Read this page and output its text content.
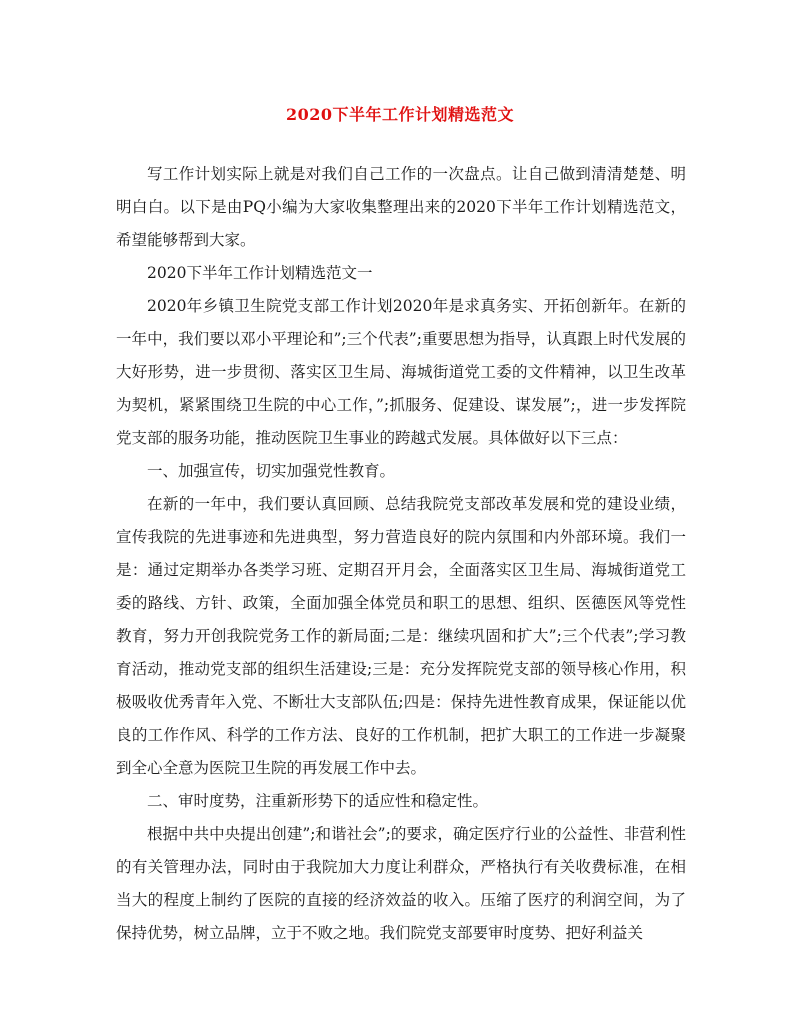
2020下半年工作计划精选范文

写工作计划实际上就是对我们自己工作的一次盘点。让自己做到清清楚楚、明明白白。以下是由PQ小编为大家收集整理出来的2020下半年工作计划精选范文，希望能够帮到大家。

2020下半年工作计划精选范文一

2020年乡镇卫生院党支部工作计划2020年是求真务实、开拓创新年。在新的一年中，我们要以邓小平理论和”;三个代表”;重要思想为指导，认真跟上时代发展的大好形势，进一步贯彻、落实区卫生局、海城街道党工委的文件精神，以卫生改革为契机，紧紧围绕卫生院的中心工作，”;抓服务、促建设、谋发展”;，进一步发挥院党支部的服务功能，推动医院卫生事业的跨越式发展。具体做好以下三点：

一、加强宣传，切实加强党性教育。

在新的一年中，我们要认真回顾、总结我院党支部改革发展和党的建设业绩，宣传我院的先进事迹和先进典型，努力营造良好的院内氛围和内外部环境。我们一是：通过定期举办各类学习班、定期召开月会，全面落实区卫生局、海城街道党工委的路线、方针、政策，全面加强全体党员和职工的思想、组织、医德医风等党性教育，努力开创我院党务工作的新局面;二是：继续巩固和扩大”;三个代表”;学习教育活动，推动党支部的组织生活建设;三是：充分发挥院党支部的领导核心作用，积极吸收优秀青年入党、不断壮大支部队伍;四是：保持先进性教育成果，保证能以优良的工作作风、科学的工作方法、良好的工作机制，把扩大职工的工作进一步凝聚到全心全意为医院卫生院的再发展工作中去。

二、审时度势，注重新形势下的适应性和稳定性。

根据中共中央提出创建”;和谐社会”;的要求，确定医疗行业的公益性、非营利性的有关管理办法，同时由于我院加大力度让利群众，严格执行有关收费标准，在相当大的程度上制约了医院的直接的经济效益的收入。压缩了医疗的利润空间，为了保持优势，树立品牌，立于不败之地。我们院党支部要审时度势、把好利益关
